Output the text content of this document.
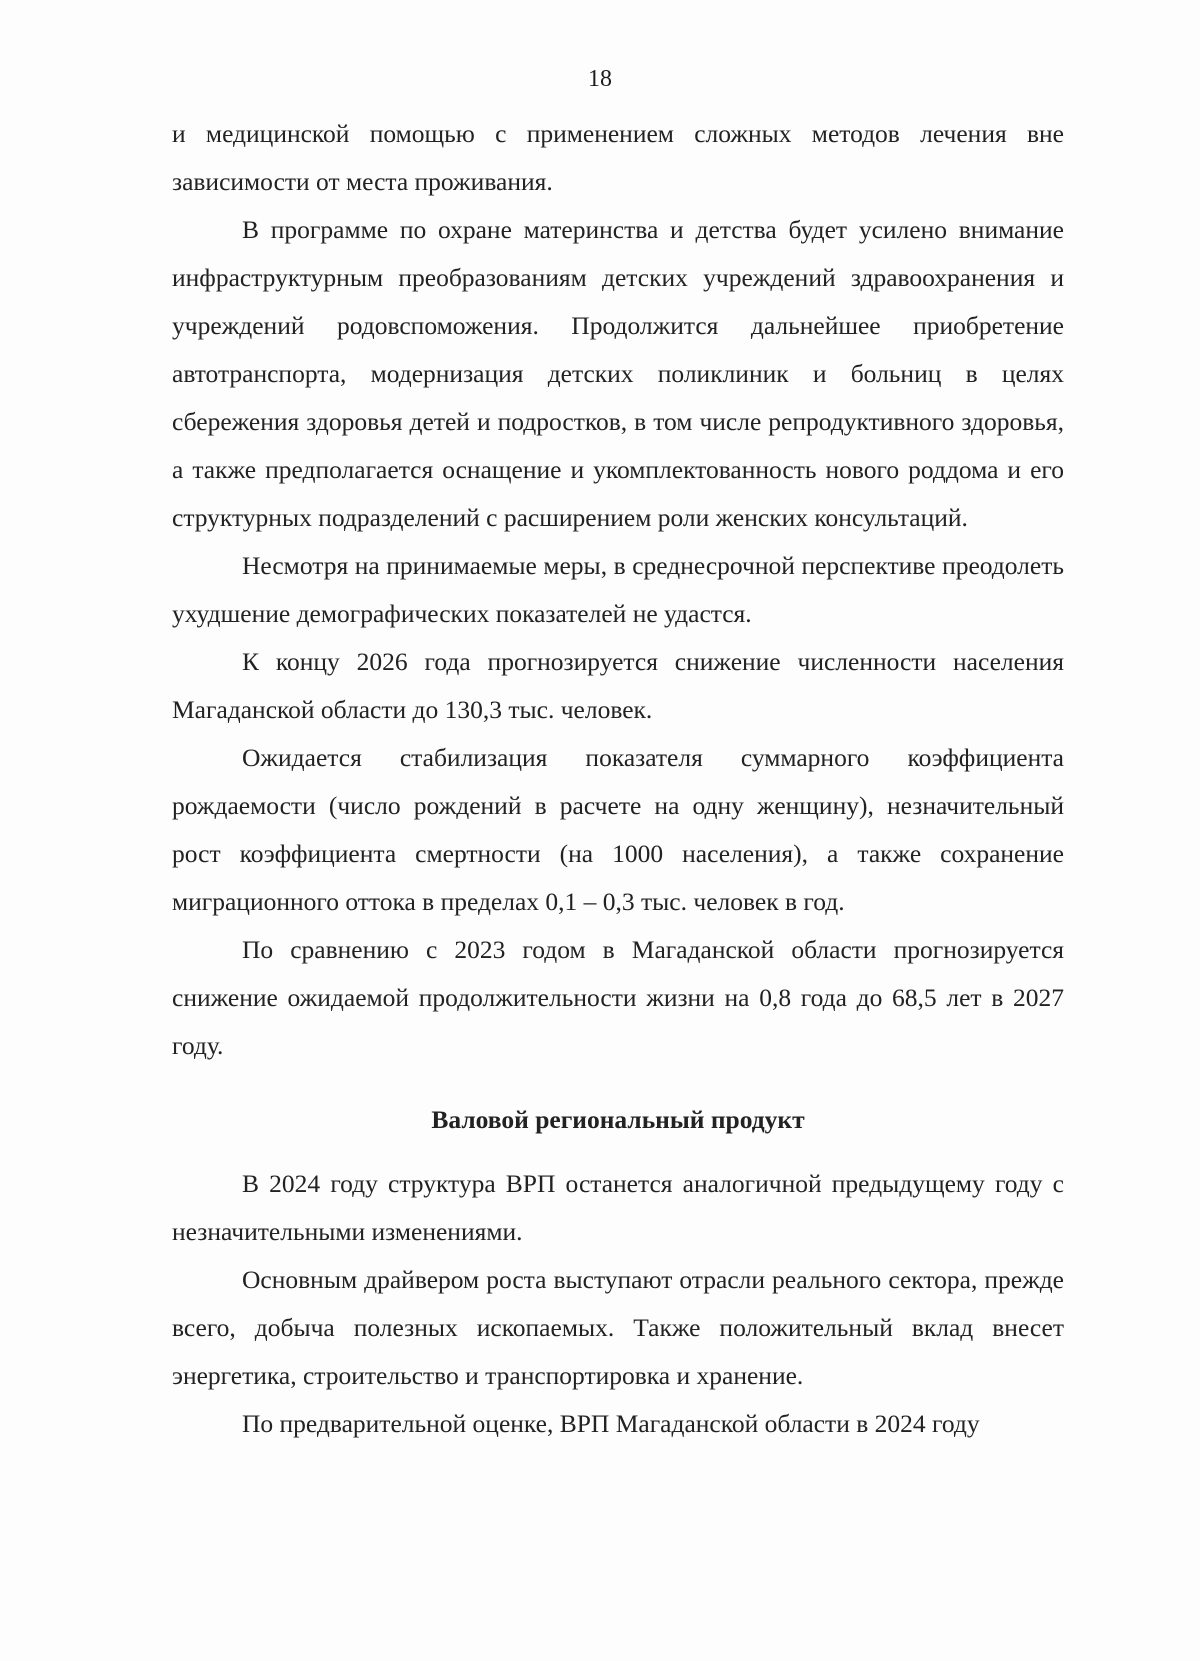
18

и медицинской помощью с применением сложных методов лечения вне зависимости от места проживания.

В программе по охране материнства и детства будет усилено внимание инфраструктурным преобразованиям детских учреждений здравоохранения и учреждений родовспоможения. Продолжится дальнейшее приобретение автотранспорта, модернизация детских поликлиник и больниц в целях сбережения здоровья детей и подростков, в том числе репродуктивного здоровья, а также предполагается оснащение и укомплектованность нового роддома и его структурных подразделений с расширением роли женских консультаций.

Несмотря на принимаемые меры, в среднесрочной перспективе преодолеть ухудшение демографических показателей не удастся.

К концу 2026 года прогнозируется снижение численности населения Магаданской области до 130,3 тыс. человек.

Ожидается стабилизация показателя суммарного коэффициента рождаемости (число рождений в расчете на одну женщину), незначительный рост коэффициента смертности (на 1000 населения), а также сохранение миграционного оттока в пределах 0,1 – 0,3 тыс. человек в год.

По сравнению с 2023 годом в Магаданской области прогнозируется снижение ожидаемой продолжительности жизни на 0,8 года до 68,5 лет в 2027 году.

Валовой региональный продукт

В 2024 году структура ВРП останется аналогичной предыдущему году с незначительными изменениями.

Основным драйвером роста выступают отрасли реального сектора, прежде всего, добыча полезных ископаемых. Также положительный вклад внесет энергетика, строительство и транспортировка и хранение.

По предварительной оценке, ВРП Магаданской области в 2024 году
